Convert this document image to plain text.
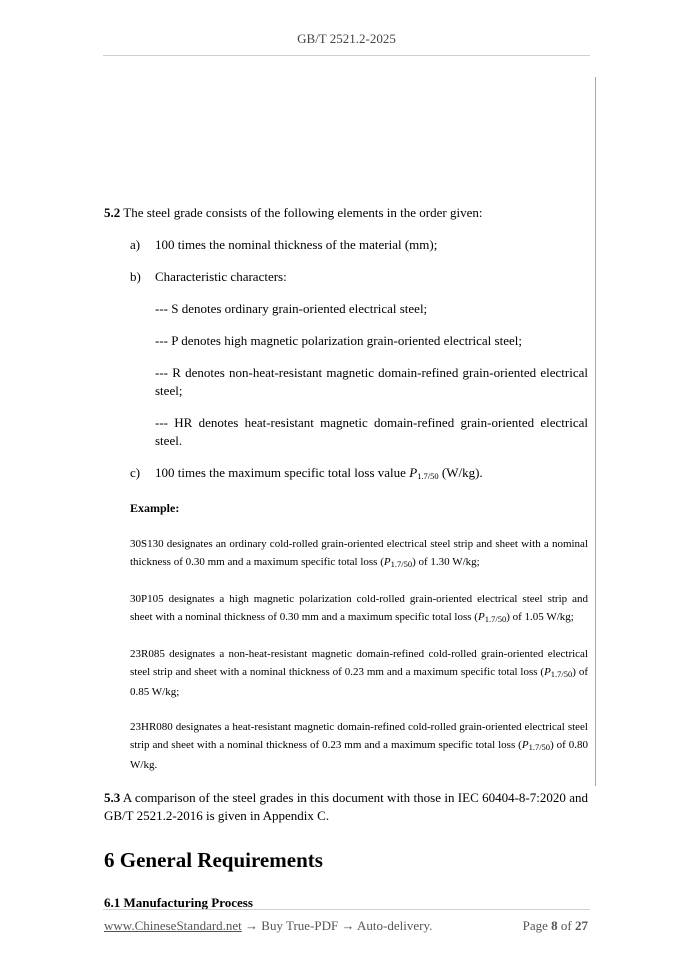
GB/T 2521.2-2025

5.2 The steel grade consists of the following elements in the order given:

a) 100 times the nominal thickness of the material (mm);
b) Characteristic characters:
--- S denotes ordinary grain-oriented electrical steel;
--- P denotes high magnetic polarization grain-oriented electrical steel;
--- R denotes non-heat-resistant magnetic domain-refined grain-oriented electrical steel;
--- HR denotes heat-resistant magnetic domain-refined grain-oriented electrical steel.
c) 100 times the maximum specific total loss value $P_{1.7/50}$ (W/kg).
Example:
30S130 designates an ordinary cold-rolled grain-oriented electrical steel strip and sheet with a nominal thickness of 0.30 mm and a maximum specific total loss $(P_{1.7/50})$ of 1.30 W/kg;
30P105 designates a high magnetic polarization cold-rolled grain-oriented electrical steel strip and sheet with a nominal thickness of 0.30 mm and a maximum specific total loss $(P_{1.7/50})$ of 1.05 W/kg;
23R085 designates a non-heat-resistant magnetic domain-refined cold-rolled grain-oriented electrical steel strip and sheet with a nominal thickness of 0.23 mm and a maximum specific total loss $(P_{1.7/50})$ of 0.85 W/kg;
23HR080 designates a heat-resistant magnetic domain-refined cold-rolled grain-oriented electrical steel strip and sheet with a nominal thickness of 0.23 mm and a maximum specific total loss $(P_{1.7/50})$ of 0.80 W/kg.

5.3 A comparison of the steel grades in this document with those in IEC 60404-8-7:2020 and GB/T 2521.2-2016 is given in Appendix C.

6 General Requirements
6.1 Manufacturing Process
www.ChineseStandard.net → Buy True-PDF → Auto-delivery.	Page 8 of 27
